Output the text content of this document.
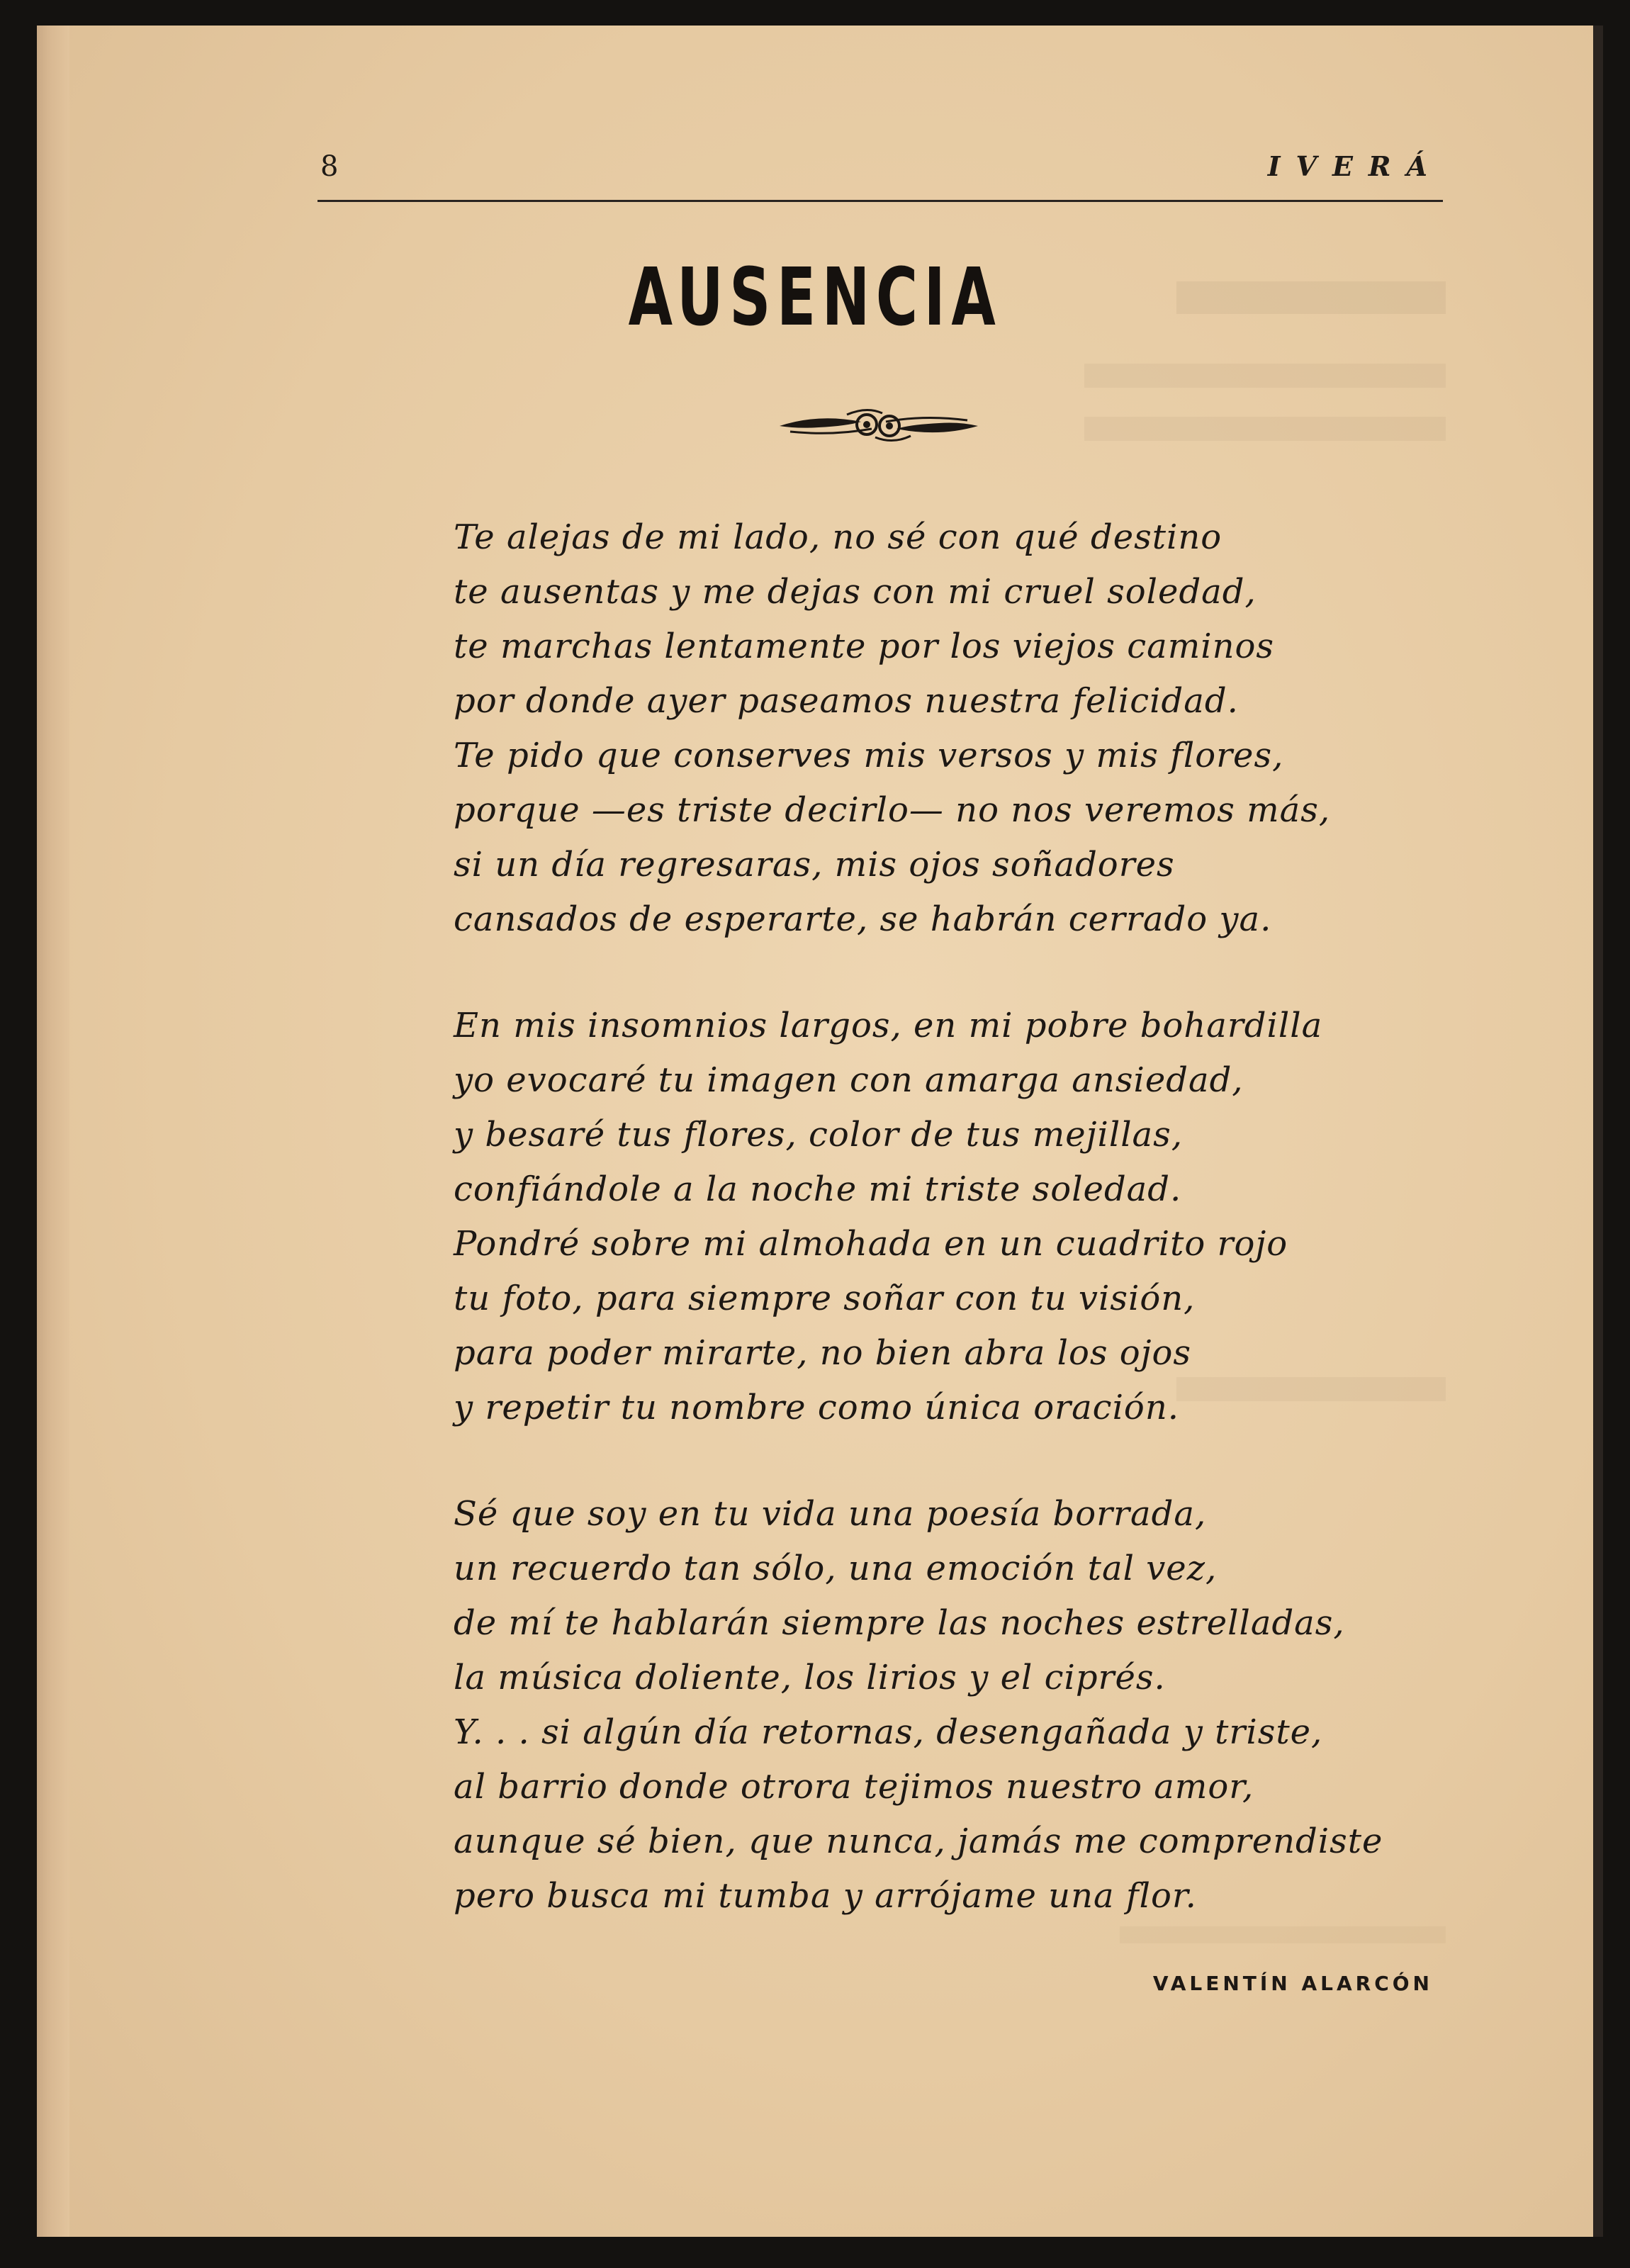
8	IVERÁ
AUSENCIA
Te alejas de mi lado, no sé con qué destino
te ausentas y me dejas con mi cruel soledad,
te marchas lentamente por los viejos caminos
por donde ayer paseamos nuestra felicidad.
Te pido que conserves mis versos y mis flores,
porque —es triste decirlo— no nos veremos más,
si un día regresaras, mis ojos soñadores
cansados de esperarte, se habrán cerrado ya.
En mis insomnios largos, en mi pobre bohardilla
yo evocaré tu imagen con amarga ansiedad,
y besaré tus flores, color de tus mejillas,
confiándole a la noche mi triste soledad.
Pondré sobre mi almohada en un cuadrito rojo
tu foto, para siempre soñar con tu visión,
para poder mirarte, no bien abra los ojos
y repetir tu nombre como única oración.
Sé que soy en tu vida una poesía borrada,
un recuerdo tan sólo, una emoción tal vez,
de mí te hablarán siempre las noches estrelladas,
la música doliente, los lirios y el ciprés.
Y. . . si algún día retornas, desengañada y triste,
al barrio donde otrora tejimos nuestro amor,
aunque sé bien, que nunca, jamás me comprendiste
pero busca mi tumba y arrójame una flor.
VALENTÍN ALARCÓN
